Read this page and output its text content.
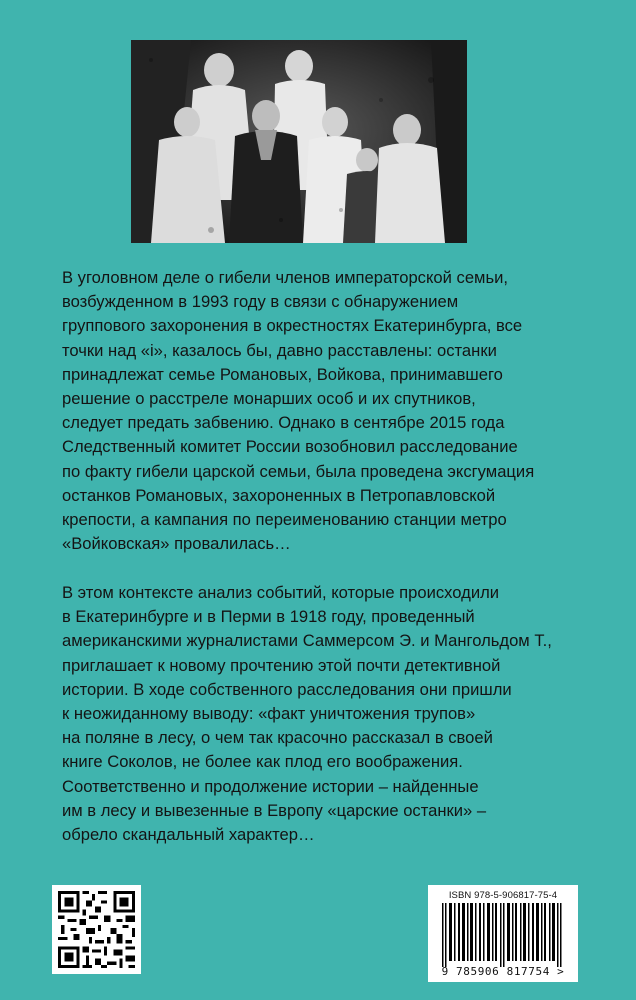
В уголовном деле о гибели членов императорской семьи,
возбужденном в 1993 году в связи с обнаружением
группового захоронения в окрестностях Екатеринбурга, все
точки над «i», казалось бы, давно расставлены: останки
принадлежат семье Романовых, Войкова, принимавшего
решение о расстреле монарших особ и их спутников,
следует предать забвению. Однако в сентябре 2015 года
Следственный комитет России возобновил расследование
по факту гибели царской семьи, была проведена эксгумация
останков Романовых, захороненных в Петропавловской
крепости, а кампания по переименованию станции метро
«Войковская» провалилась…

В этом контексте анализ событий, которые происходили
в Екатеринбурге и в Перми в 1918 году, проведенный
американскими журналистами Саммерсом Э. и Мангольдом Т.,
приглашает к новому прочтению этой почти детективной
истории. В ходе собственного расследования они пришли
к неожиданному выводу: «факт уничтожения трупов»
на поляне в лесу, о чем так красочно рассказал в своей
книге Соколов, не более как плод его воображения.
Соответственно и продолжение истории – найденные
им в лесу и вывезенные в Европу «царские останки» –
обрело скандальный характер…

ISBN 978-5-906817-75-4
9 785906 817754 >
